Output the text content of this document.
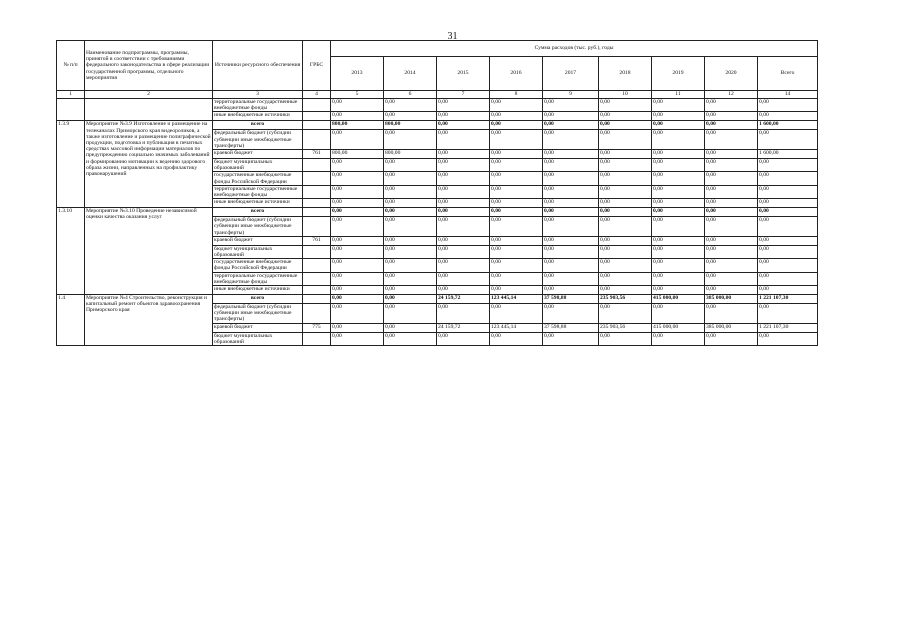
31
№ п/п	Наименование подпрограммы, программы, принятой в соответствии с требованиями федерального законодательства в сфере реализации государственной программы, отдельного мероприятия	Источники ресурсного обеспечения	ГРБС	Сумма расходов (тыс. руб.), годы								
				2013	2014	2015	2016	2017	2018	2019	2020	Всего
1	2	3	4	5	6	7	8	9	10	11	12	14
		территориальные государственные внебюджетные фонды		0,00	0,00	0,00	0,00	0,00	0,00	0,00	0,00	0,00
		иные внебюджетные источники		0,00	0,00	0,00	0,00	0,00	0,00	0,00	0,00	0,00
1.3.9	Мероприятие №3.9 Изготовление и размещение на телеканалах Приморского края видеороликов, а также изготовление и размещение полиграфической продукции, подготовка и публикация в печатных средствах массовой информации материалов по предупреждению социально значимых заболеваний и формированию мотивации к ведению здорового образа жизни, направленных на профилактику правонарушений	всего		800,00	800,00	0,00	0,00	0,00	0,00	0,00	0,00	1 600,00
		федеральный бюджет (субсидии субвенции иные межбюджетные трансферты)		0,00	0,00	0,00	0,00	0,00	0,00	0,00	0,00	0,00
		краевой бюджет	761	800,00	800,00	0,00	0,00	0,00	0,00	0,00	0,00	1 600,00
		бюджет муниципальных образований		0,00	0,00	0,00	0,00	0,00	0,00	0,00	0,00	0,00
		государственные внебюджетные фонды Российской Федерации		0,00	0,00	0,00	0,00	0,00	0,00	0,00	0,00	0,00
		территориальные государственные внебюджетные фонды		0,00	0,00	0,00	0,00	0,00	0,00	0,00	0,00	0,00
		иные внебюджетные источники		0,00	0,00	0,00	0,00	0,00	0,00	0,00	0,00	0,00
1.3.10	Мероприятие №3.10 Проведение независимой оценки качества оказания услуг	всего		0,00	0,00	0,00	0,00	0,00	0,00	0,00	0,00	0,00
		федеральный бюджет (субсидии субвенции иные межбюджетные трансферты)		0,00	0,00	0,00	0,00	0,00	0,00	0,00	0,00	0,00
		краевой бюджет	761	0,00	0,00	0,00	0,00	0,00	0,00	0,00	0,00	0,00
		бюджет муниципальных образований		0,00	0,00	0,00	0,00	0,00	0,00	0,00	0,00	0,00
		государственные внебюджетные фонды Российской Федерации		0,00	0,00	0,00	0,00	0,00	0,00	0,00	0,00	0,00
		территориальные государственные внебюджетные фонды		0,00	0,00	0,00	0,00	0,00	0,00	0,00	0,00	0,00
		иные внебюджетные источники		0,00	0,00	0,00	0,00	0,00	0,00	0,00	0,00	0,00
1.4	Мероприятие №4 Строительство, реконструкция и капитальный ремонт объектов здравоохранения Приморского края	всего		0,00	0,00	24 159,72	123 445,14	37 598,88	235 903,56	415 000,00	385 000,00	1 221 107,30
		федеральный бюджет (субсидии субвенции иные межбюджетные трансферты)		0,00	0,00	0,00	0,00	0,00	0,00	0,00	0,00	0,00
		краевой бюджет	775	0,00	0,00	24 159,72	123 445,14	37 598,88	235 903,56	415 000,00	385 000,00	1 221 107,30
		бюджет муниципальных образований		0,00	0,00	0,00	0,00	0,00	0,00	0,00	0,00	0,00
